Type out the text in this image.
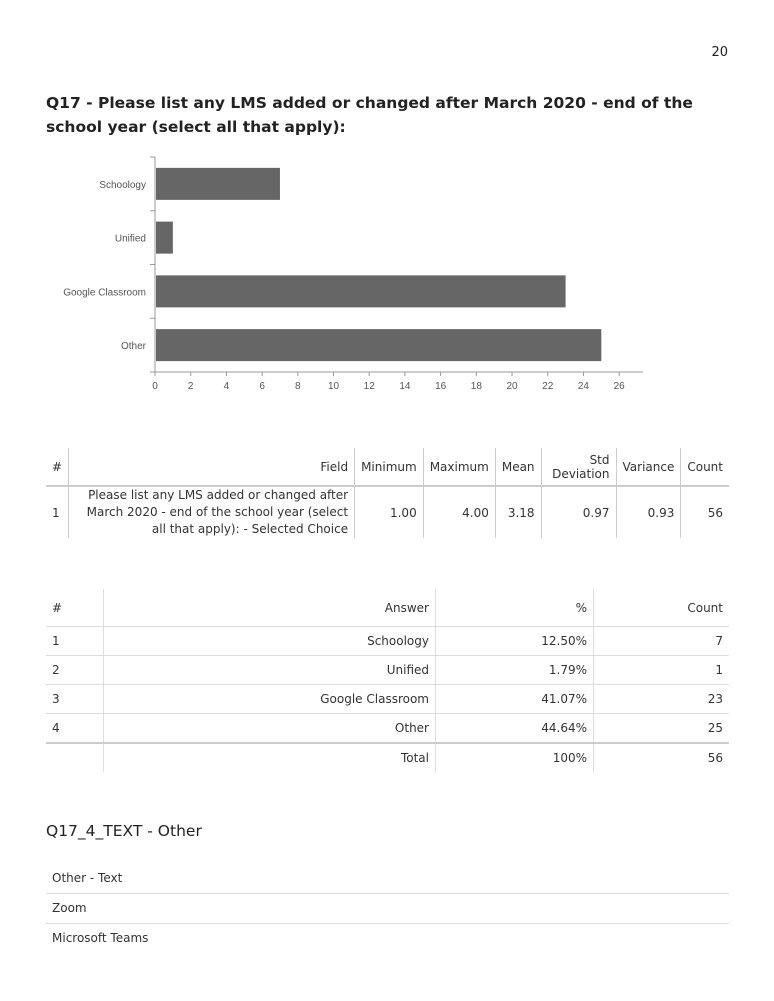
20
Q17 - Please list any LMS added or changed after March 2020 - end of the school year (select all that apply):
Schoology
Unified
Google Classroom
Other
0	2	4	6	8	10 12 14 16 18 20 22 24 26
#	Field	Minimum	Maximum	Mean	Std Deviation	Variance	Count
1	Please list any LMS added or changed after March 2020 - end of the school year (select all that apply): - Selected Choice	1.00	4.00	3.18	0.97	0.93	56
#	Answer	%	Count
1	Schoology	12.50%	7
2	Unified	1.79%	1
3	Google Classroom	41.07%	23
4	Other	44.64%	25
	Total	100%	56
Q17_4_TEXT - Other
Other - Text
Zoom
Microsoft Teams
